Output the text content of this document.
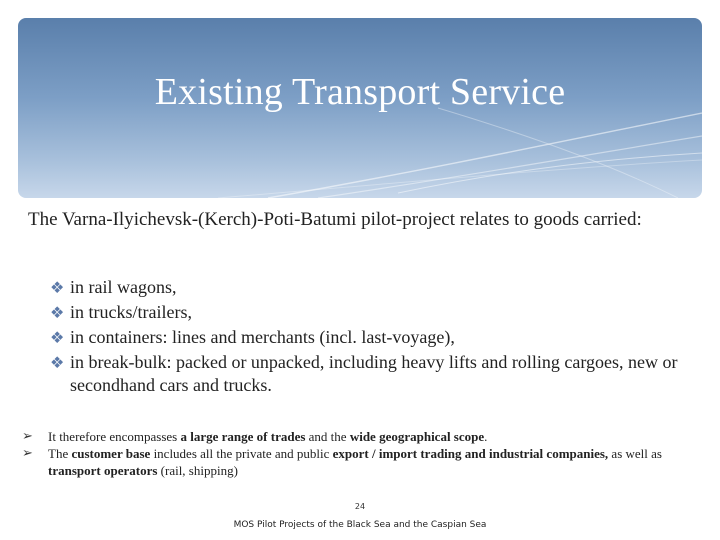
Existing Transport Service
The Varna-Ilyichevsk-(Kerch)-Poti-Batumi pilot-project relates to goods carried:
❖ in rail wagons,
❖ in trucks/trailers,
❖ in containers: lines and merchants (incl. last-voyage),
❖ in break-bulk: packed or unpacked, including heavy lifts and rolling cargoes, new or secondhand cars and trucks.
➢ It therefore encompasses a large range of trades and the wide geographical scope.
➢ The customer base includes all the private and public export / import trading and industrial companies, as well as transport operators (rail, shipping)
24
MOS Pilot Projects of the Black Sea and the Caspian Sea
